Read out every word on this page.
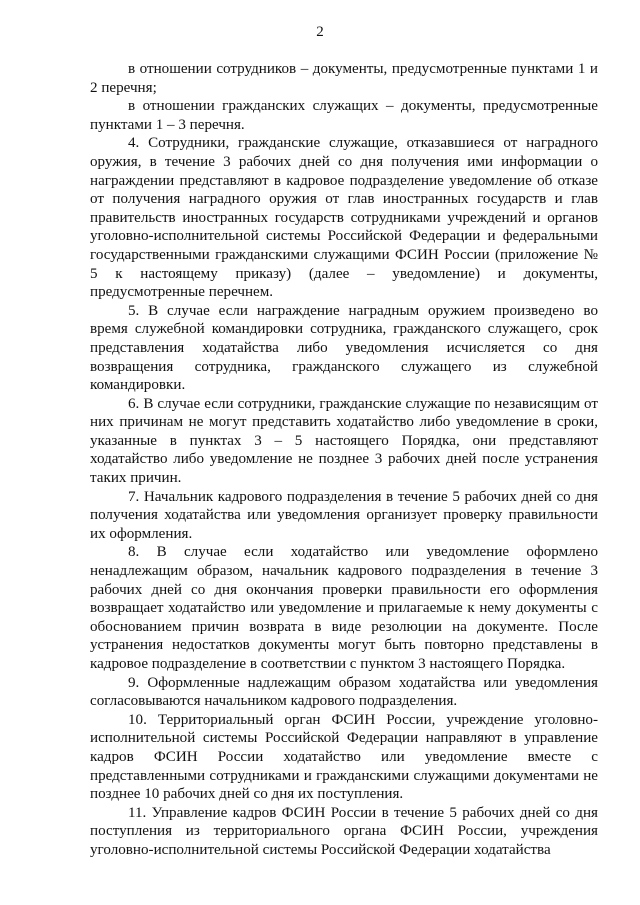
2

в отношении сотрудников – документы, предусмотренные пунктами 1 и 2 перечня;

в отношении гражданских служащих – документы, предусмотренные пунктами 1 – 3 перечня.

4. Сотрудники, гражданские служащие, отказавшиеся от наградного оружия, в течение 3 рабочих дней со дня получения ими информации о награждении представляют в кадровое подразделение уведомление об отказе от получения наградного оружия от глав иностранных государств и глав правительств иностранных государств сотрудниками учреждений и органов уголовно-исполнительной системы Российской Федерации и федеральными государственными гражданскими служащими ФСИН России (приложение № 5 к настоящему приказу) (далее – уведомление) и документы, предусмотренные перечнем.

5. В случае если награждение наградным оружием произведено во время служебной командировки сотрудника, гражданского служащего, срок представления ходатайства либо уведомления исчисляется со дня возвращения сотрудника, гражданского служащего из служебной командировки.

6. В случае если сотрудники, гражданские служащие по независящим от них причинам не могут представить ходатайство либо уведомление в сроки, указанные в пунктах 3 – 5 настоящего Порядка, они представляют ходатайство либо уведомление не позднее 3 рабочих дней после устранения таких причин.

7. Начальник кадрового подразделения в течение 5 рабочих дней со дня получения ходатайства или уведомления организует проверку правильности их оформления.

8. В случае если ходатайство или уведомление оформлено ненадлежащим образом, начальник кадрового подразделения в течение 3 рабочих дней со дня окончания проверки правильности его оформления возвращает ходатайство или уведомление и прилагаемые к нему документы с обоснованием причин возврата в виде резолюции на документе. После устранения недостатков документы могут быть повторно представлены в кадровое подразделение в соответствии с пунктом 3 настоящего Порядка.

9. Оформленные надлежащим образом ходатайства или уведомления согласовываются начальником кадрового подразделения.

10. Территориальный орган ФСИН России, учреждение уголовно-исполнительной системы Российской Федерации направляют в управление кадров ФСИН России ходатайство или уведомление вместе с представленными сотрудниками и гражданскими служащими документами не позднее 10 рабочих дней со дня их поступления.

11. Управление кадров ФСИН России в течение 5 рабочих дней со дня поступления из территориального органа ФСИН России, учреждения уголовно-исполнительной системы Российской Федерации ходатайства
